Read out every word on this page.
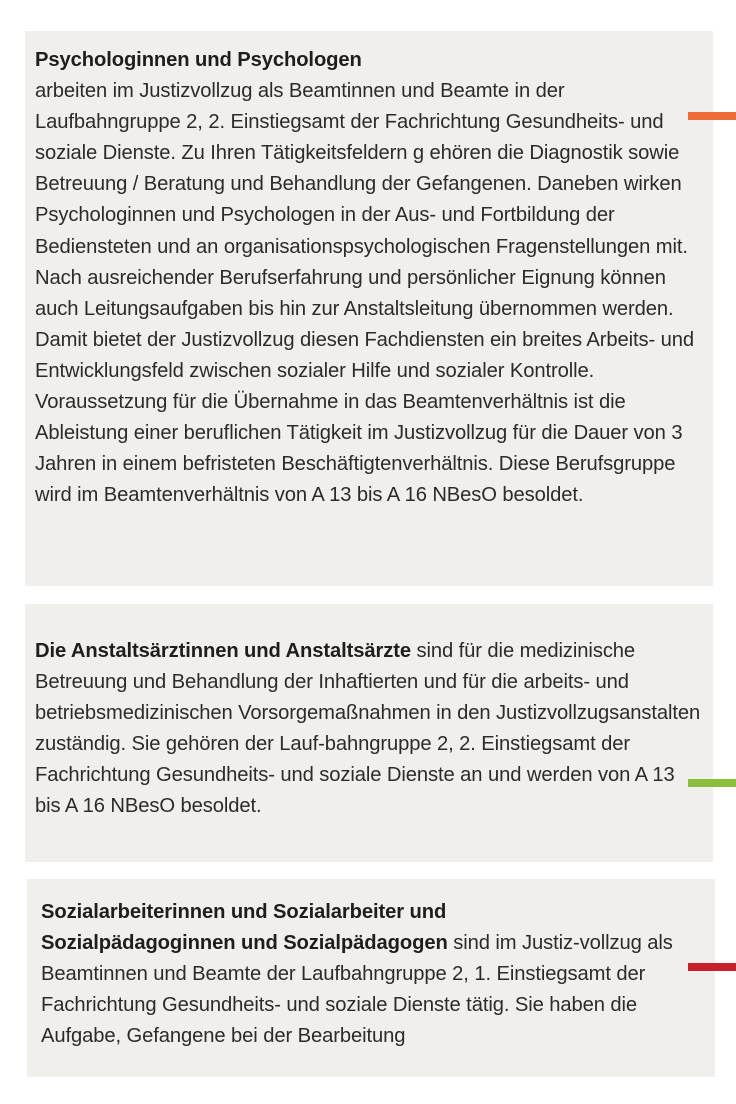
Psychologinnen und Psychologen
arbeiten im Justizvollzug als Beamtinnen und Beamte in der Laufbahngruppe 2, 2. Einstiegsamt der Fachrichtung Gesundheits- und soziale Dienste. Zu Ihren Tätigkeitsfeldern g ehören die Diagnostik sowie Betreuung / Beratung und Behandlung der Gefangenen. Daneben wirken Psychologinnen und Psychologen in der Aus- und Fortbildung der Bediensteten und an organisationspsychologischen Fragenstellungen mit. Nach ausreichender Berufserfahrung und persönlicher Eignung können auch Leitungsaufgaben bis hin zur Anstaltsleitung übernommen werden. Damit bietet der Justizvollzug diesen Fachdiensten ein breites Arbeits- und Entwicklungsfeld zwischen sozialer Hilfe und sozialer Kontrolle. Voraussetzung für die Übernahme in das Beamtenverhältnis ist die Ableistung einer beruflichen Tätigkeit im Justizvollzug für die Dauer von 3 Jahren in einem befristeten Beschäftigtenverhältnis. Diese Berufsgruppe wird im Beamtenverhältnis von A 13 bis A 16 NBesO besoldet.

Die Anstaltsärztinnen und Anstaltsärzte sind für die medizinische Betreuung und Behandlung der Inhaftierten und für die arbeits- und betriebsmedizinischen Vorsorgemaßnahmen in den Justizvollzugsanstalten zuständig. Sie gehören der Lauf-bahngruppe 2, 2. Einstiegsamt der Fachrichtung Gesundheits- und soziale Dienste an und werden von A 13 bis A 16 NBesO besoldet.

Sozialarbeiterinnen und Sozialarbeiter und
Sozialpädagoginnen und Sozialpädagogen sind im Justiz-vollzug als Beamtinnen und Beamte der Laufbahngruppe 2, 1. Einstiegsamt der Fachrichtung Gesundheits- und soziale Dienste tätig. Sie haben die Aufgabe, Gefangene bei der Bearbeitung
